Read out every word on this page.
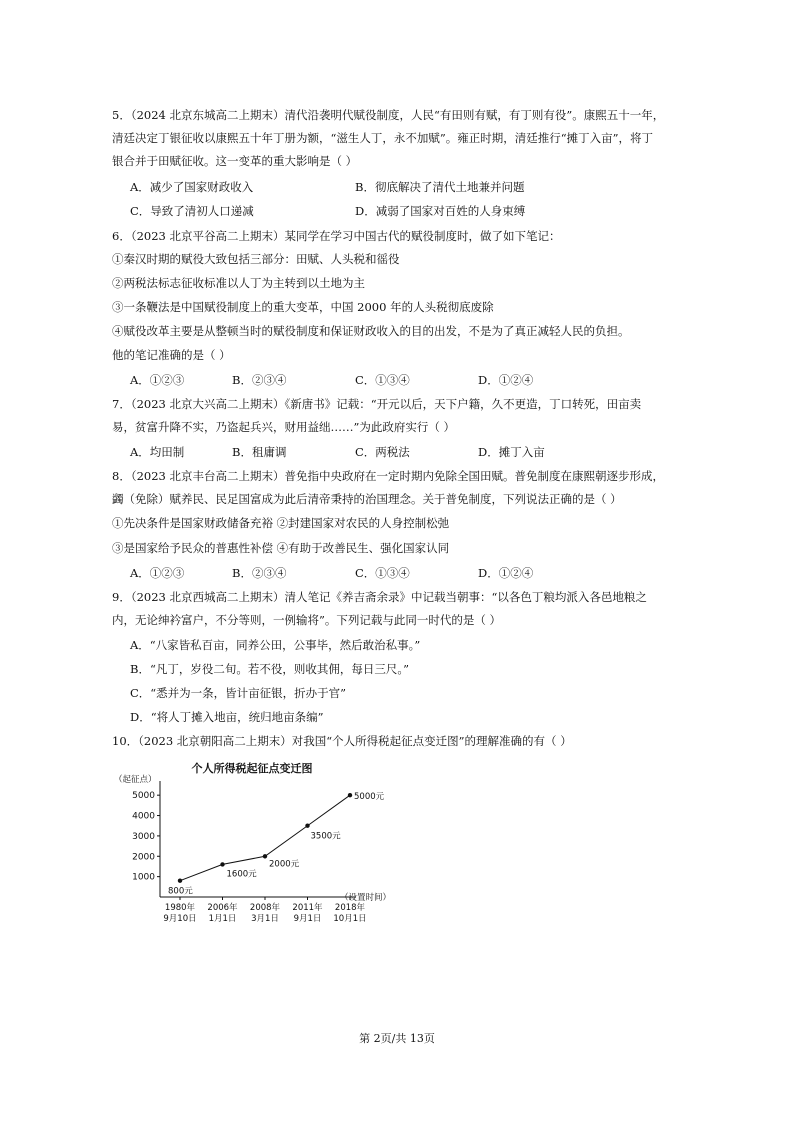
5．（2024 北京东城高二上期末）清代沿袭明代赋役制度，人民“有田则有赋，有丁则有役”。康熙五十一年，
清廷决定丁银征收以康熙五十年丁册为额，“滋生人丁，永不加赋”。雍正时期，清廷推行“摊丁入亩”，将丁
银合并于田赋征收。这一变革的重大影响是（ ）
A．减少了国家财政收入	B．彻底解决了清代土地兼并问题
C．导致了清初人口递减	D．减弱了国家对百姓的人身束缚
6．（2023 北京平谷高二上期末）某同学在学习中国古代的赋役制度时，做了如下笔记：
①秦汉时期的赋役大致包括三部分：田赋、人头税和徭役
②两税法标志征收标准以人丁为主转到以土地为主
③一条鞭法是中国赋役制度上的重大变革，中国 2000 年的人头税彻底废除
④赋役改革主要是从整顿当时的赋役制度和保证财政收入的目的出发，不是为了真正减轻人民的负担。
他的笔记准确的是（ ）
A．①②③	B．②③④	C．①③④	D．①②④
7．（2023 北京大兴高二上期末）《新唐书》记载：“开元以后，天下户籍，久不更造，丁口转死，田亩卖
易，贫富升降不实，乃盗起兵兴，财用益绌……”为此政府实行（ ）
A．均田制	B．租庸调	C．两税法	D．摊丁入亩
8．（2023 北京丰台高二上期末）普免指中央政府在一定时期内免除全国田赋。普免制度在康熙朝逐步形成，
蠲（免除）赋养民、民足国富成为此后清帝秉持的治国理念。关于普免制度，下列说法正确的是（ ）
①先决条件是国家财政储备充裕 ②封建国家对农民的人身控制松弛
③是国家给予民众的普惠性补偿 ④有助于改善民生、强化国家认同
A．①②③	B．②③④	C．①③④	D．①②④
9．（2023 北京西城高二上期末）清人笔记《养吉斋余录》中记载当朝事：“以各色丁粮均派入各邑地粮之
内，无论绅衿富户，不分等则，一例输将”。下列记载与此同一时代的是（ ）
A．“八家皆私百亩，同养公田，公事毕，然后敢治私事。”
B．“凡丁，岁役二旬。若不役，则收其佣，每日三尺。”
C．“悉并为一条，皆计亩征银，折办于官”
D．“将人丁摊入地亩，统归地亩条编”
10．（2023 北京朝阳高二上期末）对我国“个人所得税起征点变迁图”的理解准确的有（ ）
个人所得税起征点变迁图
（起征点）
（设置时间）
1000
2000
3000
4000
5000
1980年
9月10日
2006年
1月1日
2008年
3月1日
2011年
9月1日
2018年
10月1日
800元
1600元
2000元
3500元
5000元
第 2页/共 13页
